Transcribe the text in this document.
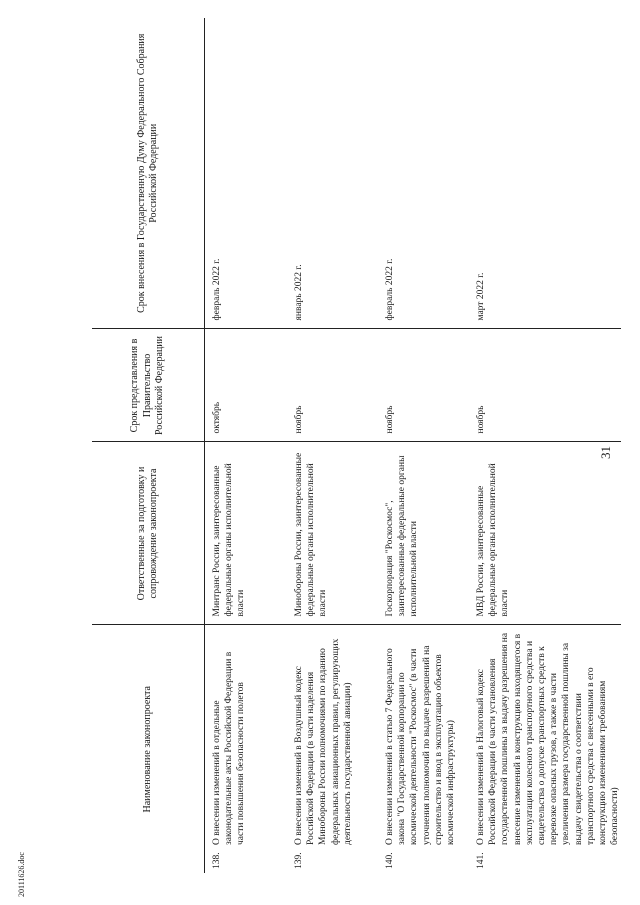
31
20111626.doc
Наименование законопроекта	Ответственные за подготовку и сопровождение законопроекта	Срок представления в Правительство Российской Федерации	Срок внесения в Государственную Думу Федерального Собрания Российской Федерации

138.
О внесении изменений в отдельные законодательные акты Российской Федерации в части повышения безопасности полетов	Минтранс России, заинтересованные федеральные органы исполнительной власти	октябрь	февраль 2022 г.

139.
О внесении изменений в Воздушный кодекс Российской Федерации (в части наделения Минобороны России полномочиями по изданию федеральных авиационных правил, регулирующих деятельность государственной авиации)	Минобороны России, заинтересованные федеральные органы исполнительной власти	ноябрь	январь 2022 г.

140.
О внесении изменений в статью 7 Федерального закона "О Государственной корпорации по космической деятельности "Роскосмос" (в части уточнения полномочий по выдаче разрешений на строительство и ввод в эксплуатацию объектов космической инфраструктуры)	Госкорпорация "Роскосмос", заинтересованные федеральные органы исполнительной власти	ноябрь	февраль 2022 г.

141.
О внесении изменений в Налоговый кодекс Российской Федерации (в части установления государственной пошлины за выдачу разрешения на внесение изменений в конструкцию находящегося в эксплуатации колесного транспортного средства и свидетельства о допуске транспортных средств к перевозке опасных грузов, а также в части увеличения размера государственной пошлины за выдачу свидетельства о соответствии транспортного средства с внесенными в его конструкцию изменениями требованиям безопасности)	МВД России, заинтересованные федеральные органы исполнительной власти	ноябрь	март 2022 г.
